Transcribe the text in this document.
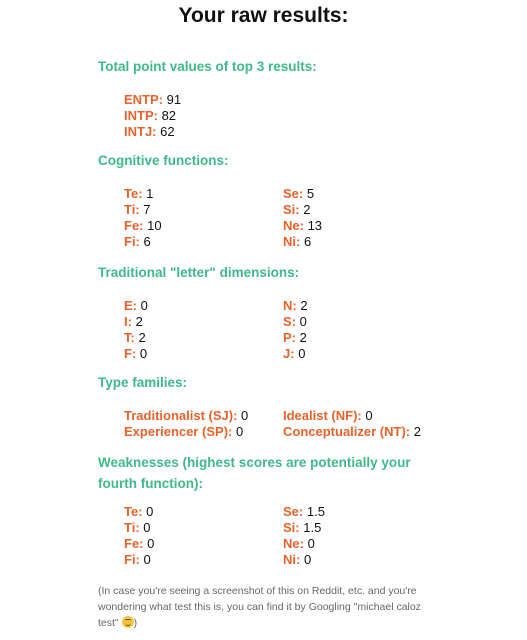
Your raw results:
Total point values of top 3 results:
ENTP: 91
INTP: 82
INTJ: 62
Cognitive functions:
Te: 1
Ti: 7
Fe: 10
Fi: 6
Se: 5
Si: 2
Ne: 13
Ni: 6
Traditional "letter" dimensions:
E: 0
I: 2
T: 2
F: 0
N: 2
S: 0
P: 2
J: 0
Type families:
Traditionalist (SJ): 0
Experiencer (SP): 0
Idealist (NF): 0
Conceptualizer (NT): 2
Weaknesses (highest scores are potentially your
fourth function):
Te: 0
Ti: 0
Fe: 0
Fi: 0
Se: 1.5
Si: 1.5
Ne: 0
Ni: 0
(In case you're seeing a screenshot of this on Reddit, etc. and you're
wondering what test this is, you can find it by Googling "michael caloz
test" )
